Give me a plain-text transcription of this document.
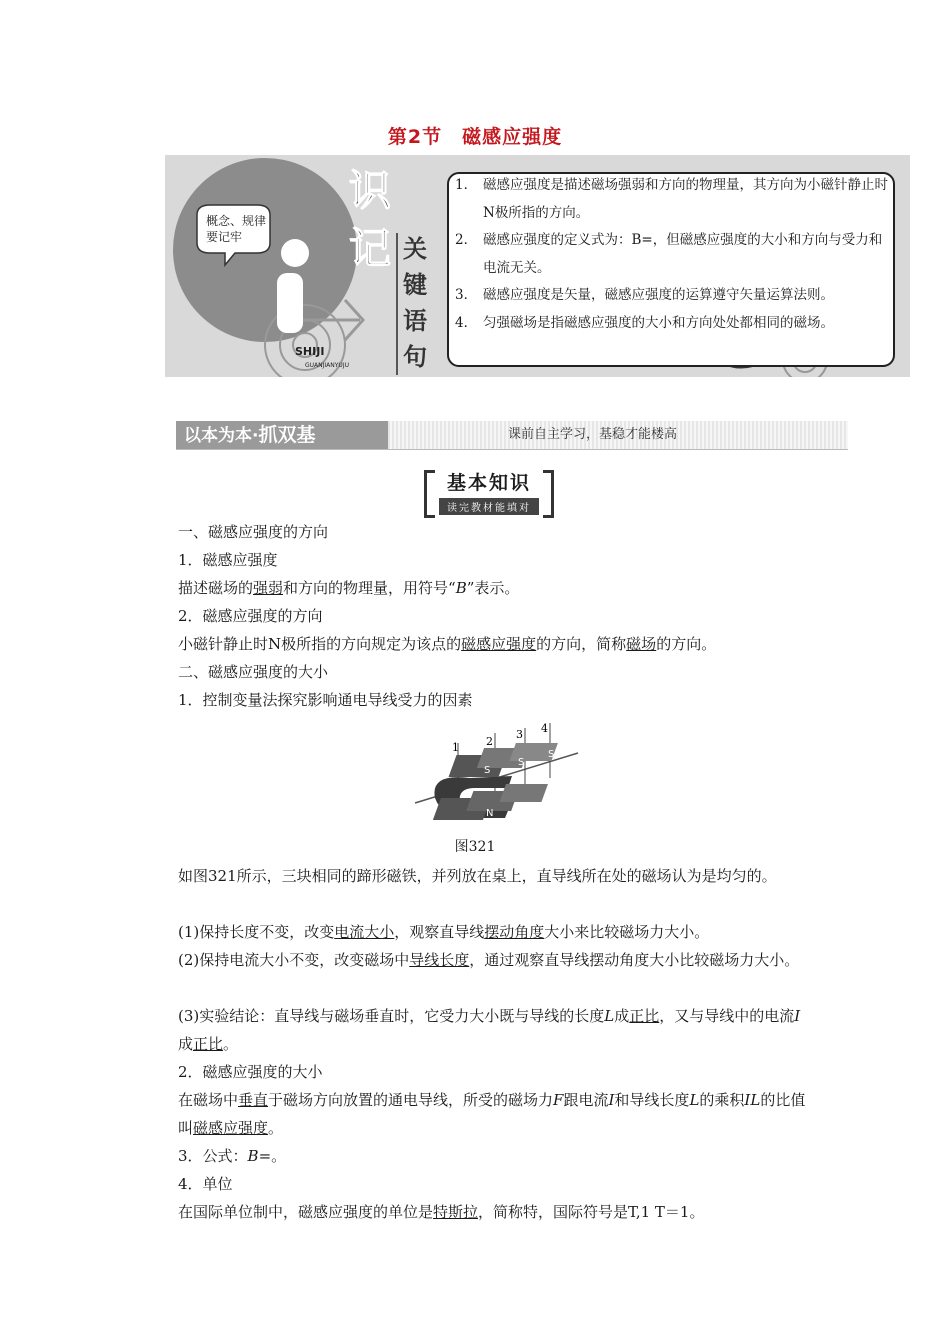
第2节　磁感应强度
概念、规律
识
记 关
键
语
句
SHIJI
GUANJIANYUJU
要记牢
1． 磁感应强度是描述磁场强弱和方向的物理量，其方向为小磁针静止时N极所指的方向。
2． 磁感应强度的定义式为：B=，但磁感应强度的大小和方向与受力和电流无关。
3． 磁感应强度是矢量，磁感应强度的运算遵守矢量运算法则。
4． 匀强磁场是指磁感应强度的大小和方向处处都相同的磁场。
以本为本·抓双基	课前自主学习，基稳才能楼高
基本知识
读完教材能填对
一、磁感应强度的方向
1．磁感应强度
描述磁场的强弱和方向的物理量，用符号“B”表示。
2．磁感应强度的方向
小磁针静止时N极所指的方向规定为该点的磁感应强度的方向，简称磁场的方向。
二、磁感应强度的大小
1．控制变量法探究影响通电导线受力的因素
1 2
3 4
S
S
S
N
N
N
图321
如图321所示，三块相同的蹄形磁铁，并列放在桌上，直导线所在处的磁场认为是均匀的。
(1)保持长度不变，改变电流大小，观察直导线摆动角度大小来比较磁场力大小。
(2)保持电流大小不变，改变磁场中导线长度，通过观察直导线摆动角度大小比较磁场力大小。
(3)实验结论：直导线与磁场垂直时，它受力大小既与导线的长度L成正比，又与导线中的电流I成正比。
2．磁感应强度的大小
在磁场中垂直于磁场方向放置的通电导线，所受的磁场力F跟电流I和导线长度L的乘积IL的比值叫磁感应强度。
3．公式：B=。
4．单位
在国际单位制中，磁感应强度的单位是特斯拉，简称特，国际符号是T,1 T＝1。
